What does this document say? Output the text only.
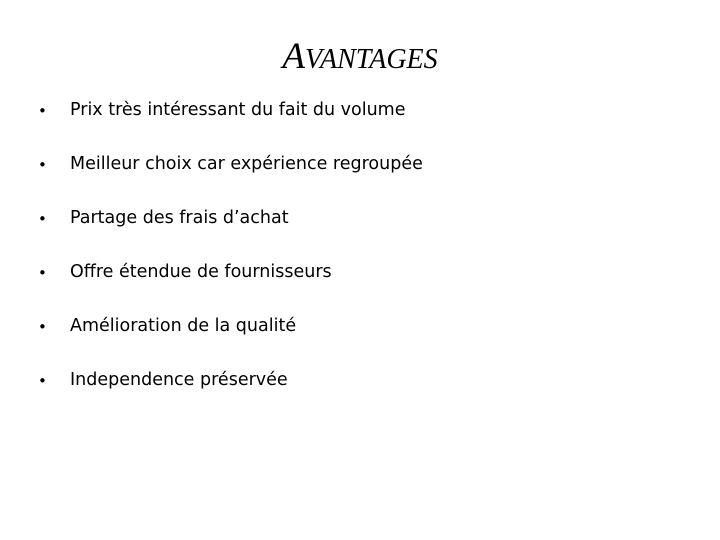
AVANTAGES
•	Prix très intéressant du fait du volume
•	Meilleur choix car expérience regroupée
•	Partage des frais d’achat
•	Offre étendue de fournisseurs
•	Amélioration de la qualité
•	Independence préservée
